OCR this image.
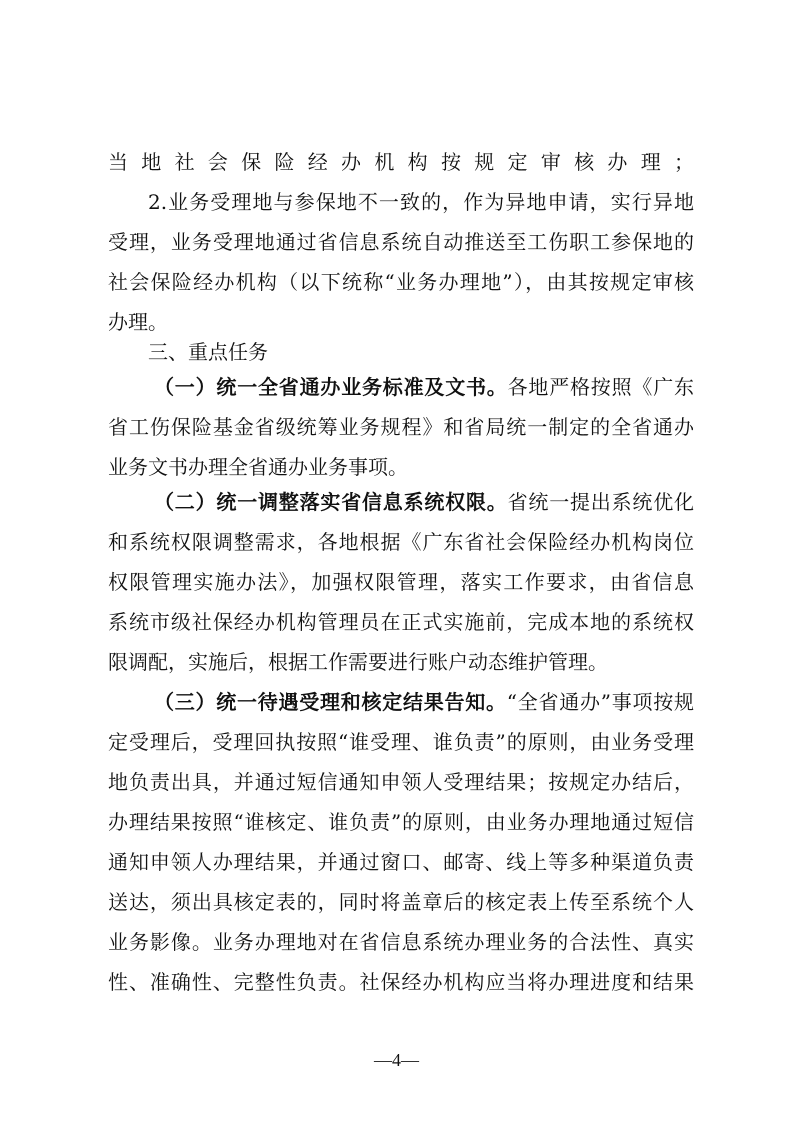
当地社会保险经办机构按规定审核办理；
2.业务受理地与参保地不一致的，作为异地申请，实行异地
受理，业务受理地通过省信息系统自动推送至工伤职工参保地的
社会保险经办机构（以下统称“业务办理地”），由其按规定审核
办理。
三、重点任务
（一）统一全省通办业务标准及文书。各地严格按照《广东
省工伤保险基金省级统筹业务规程》和省局统一制定的全省通办
业务文书办理全省通办业务事项。
（二）统一调整落实省信息系统权限。省统一提出系统优化
和系统权限调整需求，各地根据《广东省社会保险经办机构岗位
权限管理实施办法》，加强权限管理，落实工作要求，由省信息
系统市级社保经办机构管理员在正式实施前，完成本地的系统权
限调配，实施后，根据工作需要进行账户动态维护管理。
（三）统一待遇受理和核定结果告知。“全省通办”事项按规
定受理后，受理回执按照“谁受理、谁负责”的原则，由业务受理
地负责出具，并通过短信通知申领人受理结果；按规定办结后，
办理结果按照“谁核定、谁负责”的原则，由业务办理地通过短信
通知申领人办理结果，并通过窗口、邮寄、线上等多种渠道负责
送达，须出具核定表的，同时将盖章后的核定表上传至系统个人
业务影像。业务办理地对在省信息系统办理业务的合法性、真实
性、准确性、完整性负责。社保经办机构应当将办理进度和结果
—4—
